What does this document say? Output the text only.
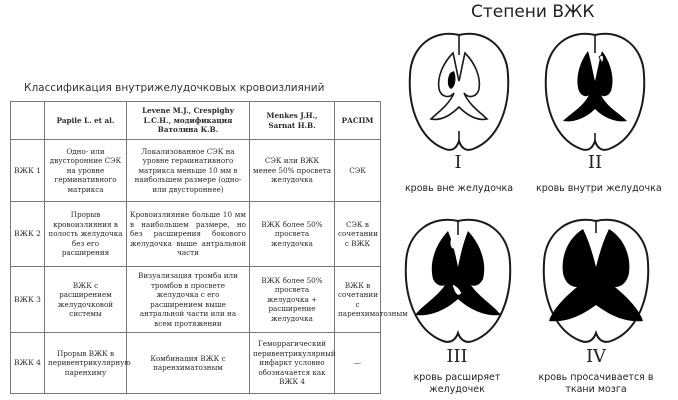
Классификация внутрижелудочковых кровоизлияний
	Papile L. et al.	Levene M.J., Crespighy L.C.H., модификация Ватолина К.В.	Menkes J.H., Sarnat H.B.	РАСПМ
ВЖК 1	Одно- или двусторонние СЭК на уровне герминативного матрикса	Локализованное СЭК на уровне герминативного матрикса меньше 10 мм в наибольшем размере (одно- или двустороннее)	СЭК или ВЖК менее 50% просвета желудочка	СЭК
ВЖК 2	Прорыв кровоизлияния в полость желудочка без его расширения	Кровоизлияние больше 10 мм в наибольшем размере, но без расширения бокового желудочка выше антральной части	ВЖК более 50% просвета желудочка	СЭК в сочетании с ВЖК
ВЖК 3	ВЖК с расширением желудочковой системы	Визуализация тромба или тромбов в просвете желудочка с его расширением выше антральной части или на всем протяжении	ВЖК более 50% просвета желудочка + расширение желудочка	ВЖК в сочетании с паренхиматозным
ВЖК 4	Прорыв ВЖК в перивентрикулярную паренхиму	Комбинация ВЖК с паренхиматозным	Геморрагический перивентрикулярный инфаркт условно обозначается как ВЖК 4	—
Степени ВЖК
I
кровь вне желудочка
II
кровь внутри желудочка
III
кровь расширяет желудочек
IV
кровь просачивается в ткани мозга
